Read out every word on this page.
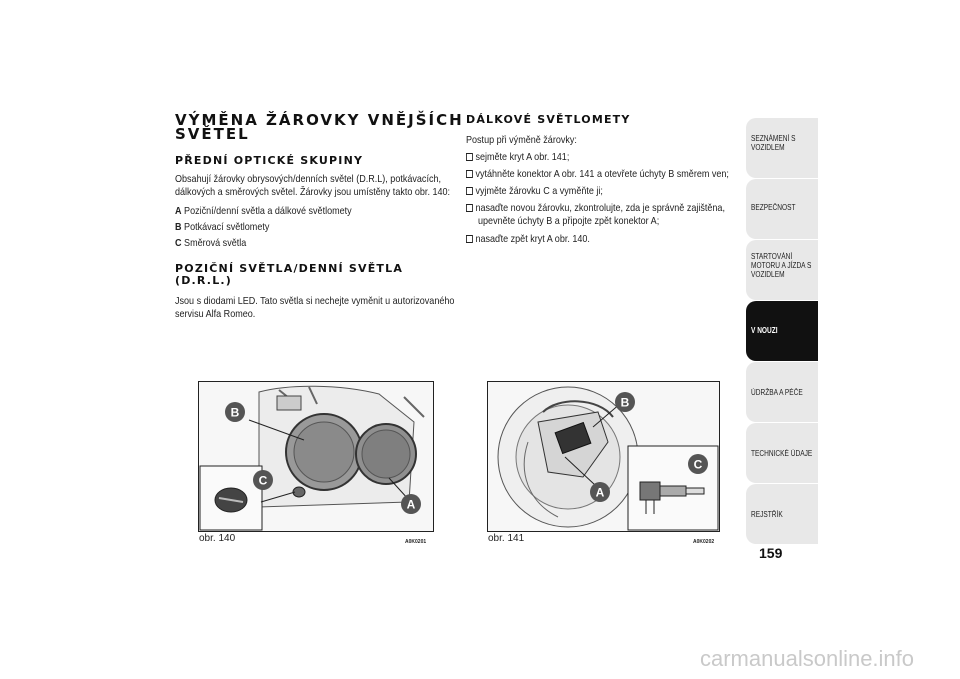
VÝMĚNA ŽÁROVKY VNĚJŠÍCH
SVĚTEL
PŘEDNÍ OPTICKÉ SKUPINY
Obsahují žárovky obrysových/denních světel (D.R.L), potkávacích,
dálkových a směrových světel. Žárovky jsou umístěny takto obr. 140:
A Poziční/denní světla a dálkové světlomety
B Potkávací světlomety
C Směrová světla
POZIČNÍ SVĚTLA/DENNÍ SVĚTLA
(D.R.L.)
Jsou s diodami LED. Tato světla si nechejte vyměnit u autorizovaného
servisu Alfa Romeo.
DÁLKOVÉ SVĚTLOMETY
Postup při výměně žárovky:
sejměte kryt A obr. 141;
vytáhněte konektor A obr. 141 a otevřete úchyty B směrem ven;
vyjměte žárovku C a vyměňte ji;
nasaďte novou žárovku, zkontrolujte, zda je správně zajištěna,
upevněte úchyty B a připojte zpět konektor A;
nasaďte zpět kryt A obr. 140.
B
C
A
obr. 140	A0K0201
B
A
C
obr. 141	A0K0202
SEZNÁMENÍ S VOZIDLEM
BEZPEČNOST
STARTOVÁNÍ MOTORU A JÍZDA S VOZIDLEM
V NOUZI
ÚDRŽBA A PÉČE
TECHNICKÉ ÚDAJE
REJSTŘÍK
159
carmanualsonline.info
